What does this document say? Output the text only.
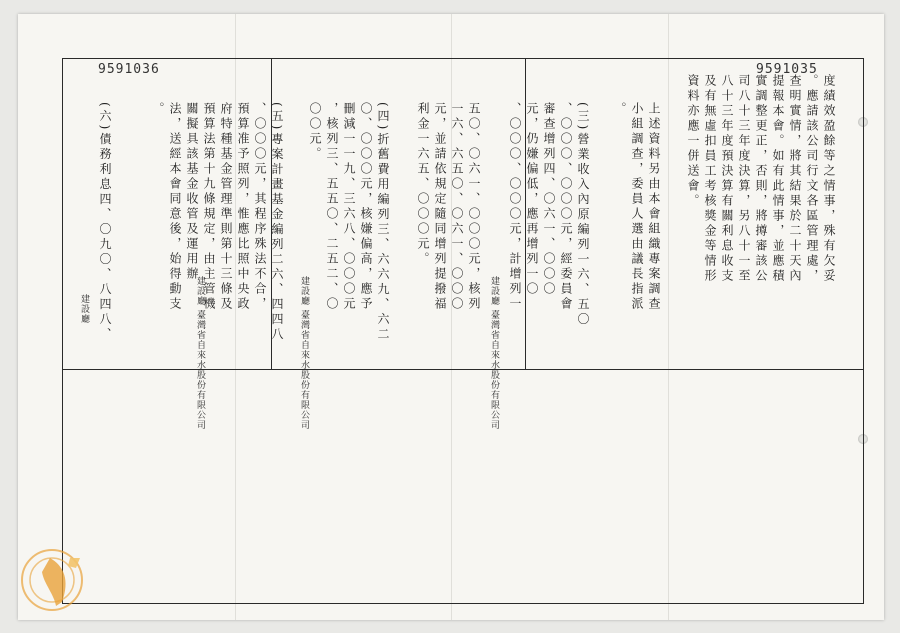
9591036	9591035
度績效盈餘等之情事，殊有欠妥
。應請該公司行文各區管理處，
查明實情，將其結果於二十天內
提報本會。如有此情事，並應積
實調整更正，否則，將撙審該公
司八十三年度決算，另八十一至
八十三年度預決算有關利息收支
及有無虛扣員工考核獎金等情形
資料亦應一併送會。
上述資料另由本會組織專案調查
小組調查，委員人選由議長指派
。
(三)營業收入內原編列一六、五〇
、〇〇〇、〇〇〇元，經委員會
審查增列四、〇六一、〇〇〇
元，仍嫌偏低，應再增列一〇
、〇〇〇、〇〇〇元，計增列一
五〇、〇六一、〇〇〇元，核列
一六、六五〇、〇六一、〇〇〇
元，並請依規定隨同增列提撥福
利金一六五、〇〇〇元。
(四)折舊費用編列三、六六九、六二
〇、〇〇〇元，核嫌偏高，應予
刪減一一九、三六八、〇〇〇元
，核列三、五五〇、二五二、〇
〇〇元。
(五)專案計畫基金編列二六、四四八
、〇〇〇元，其程序殊法不合，
預算准予照列，惟應比照中央政
府特種基金管理準則第十三條及
預算法第十九條規定，由主管機
關擬具該基金收管及運用辦
法，送經本會同意後，始得動支
。
(六)債務利息四、〇九〇、八四八、
建設廳 臺灣省自來水股份有限公司
建設廳 臺灣省自來水股份有限公司
建設廳 臺灣省自來水股份有限公司
建設廳
